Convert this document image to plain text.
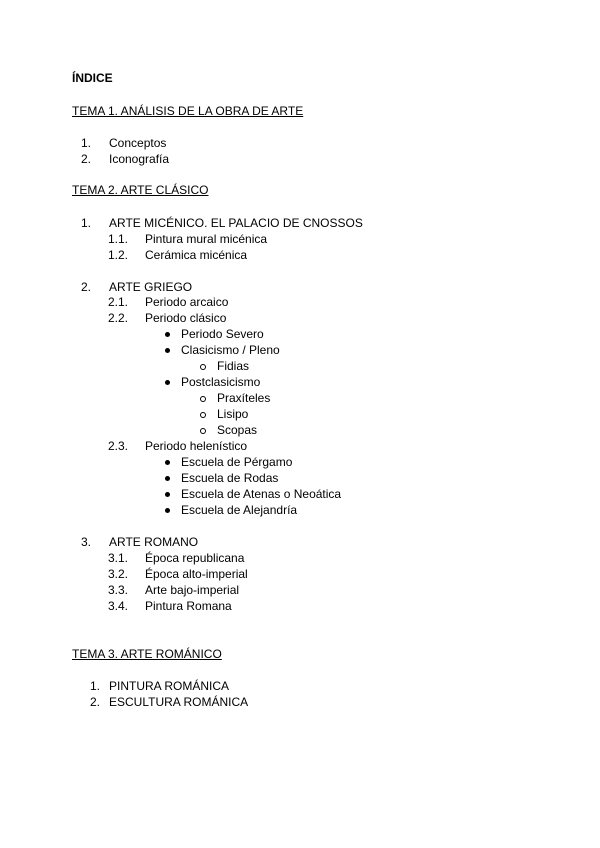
ÍNDICE
TEMA 1. ANÁLISIS DE LA OBRA DE ARTE
1. Conceptos
2. Iconografía
TEMA 2. ARTE CLÁSICO
1. ARTE MICÉNICO. EL PALACIO DE CNOSSOS
1.1. Pintura mural micénica
1.2. Cerámica micénica
2. ARTE GRIEGO
2.1. Periodo arcaico
2.2. Periodo clásico
Periodo Severo
Clasicismo / Pleno
Fidias
Postclasicismo
Praxíteles
Lisipo
Scopas
2.3. Periodo helenístico
Escuela de Pérgamo
Escuela de Rodas
Escuela de Atenas o Neoática
Escuela de Alejandría
3. ARTE ROMANO
3.1. Época republicana
3.2. Época alto-imperial
3.3. Arte bajo-imperial
3.4. Pintura Romana
TEMA 3. ARTE ROMÁNICO
1. PINTURA ROMÁNICA
2. ESCULTURA ROMÁNICA
